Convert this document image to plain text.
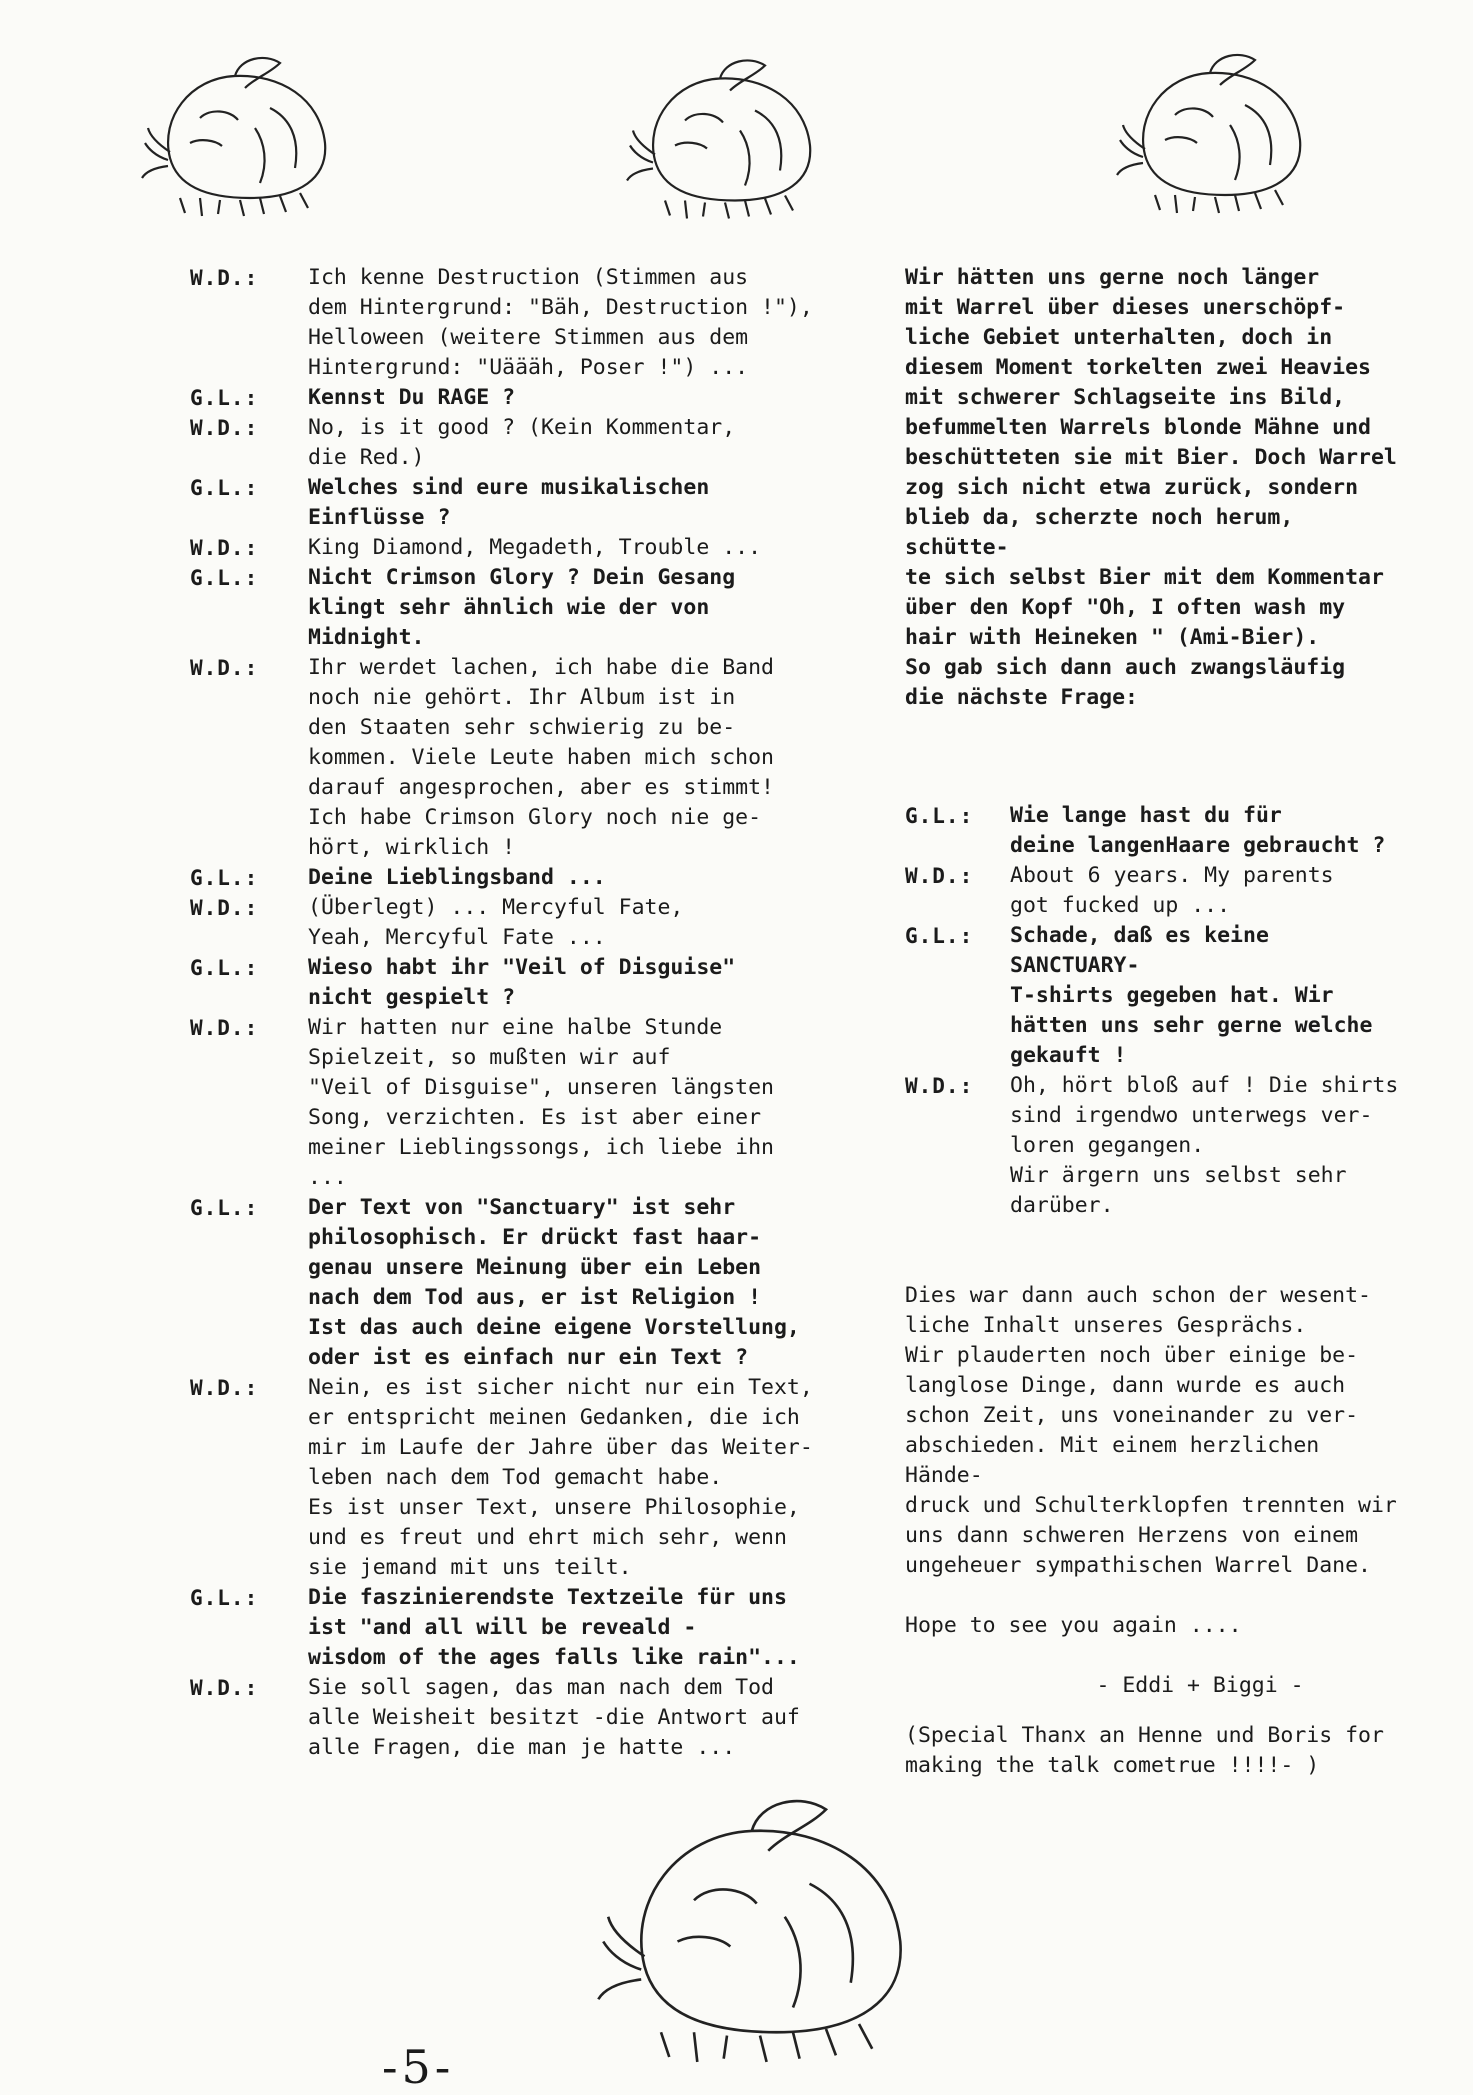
W.D.:	Ich kenne Destruction (Stimmen aus
dem Hintergrund: "Bäh, Destruction !"),
Helloween (weitere Stimmen aus dem
Hintergrund: "Uäääh, Poser !") ...
G.L.:	Kennst Du RAGE ?
W.D.:	No, is it good ? (Kein Kommentar,
die Red.)
G.L.:	Welches sind eure musikalischen
Einflüsse ?
W.D.:	King Diamond, Megadeth, Trouble ...
G.L.:	Nicht Crimson Glory ? Dein Gesang
klingt sehr ähnlich wie der von
Midnight.
W.D.:	Ihr werdet lachen, ich habe die Band
noch nie gehört. Ihr Album ist in
den Staaten sehr schwierig zu be-
kommen. Viele Leute haben mich schon
darauf angesprochen, aber es stimmt!
Ich habe Crimson Glory noch nie ge-
hört, wirklich !
G.L.:	Deine Lieblingsband ...
W.D.:	(Überlegt) ... Mercyful Fate,
Yeah, Mercyful Fate ...
G.L.:	Wieso habt ihr "Veil of Disguise"
nicht gespielt ?
W.D.:	Wir hatten nur eine halbe Stunde
Spielzeit, so mußten wir auf
"Veil of Disguise", unseren längsten
Song, verzichten. Es ist aber einer
meiner Lieblingssongs, ich liebe ihn ...
G.L.:	Der Text von "Sanctuary" ist sehr
philosophisch. Er drückt fast haar-
genau unsere Meinung über ein Leben
nach dem Tod aus, er ist Religion !
Ist das auch deine eigene Vorstellung,
oder ist es einfach nur ein Text ?
W.D.:	Nein, es ist sicher nicht nur ein Text,
er entspricht meinen Gedanken, die ich
mir im Laufe der Jahre über das Weiter-
leben nach dem Tod gemacht habe.
Es ist unser Text, unsere Philosophie,
und es freut und ehrt mich sehr, wenn
sie jemand mit uns teilt.
G.L.:	Die faszinierendste Textzeile für uns
ist "and all will be reveald -
wisdom of the ages falls like rain"...
W.D.:	Sie soll sagen, das man nach dem Tod
alle Weisheit besitzt -die Antwort auf
alle Fragen, die man je hatte ...
Wir hätten uns gerne noch länger
mit Warrel über dieses unerschöpf-
liche Gebiet unterhalten, doch in
diesem Moment torkelten zwei Heavies
mit schwerer Schlagseite ins Bild,
befummelten Warrels blonde Mähne und
beschütteten sie mit Bier. Doch Warrel
zog sich nicht etwa zurück, sondern
blieb da, scherzte noch herum, schütte-
te sich selbst Bier mit dem Kommentar
über den Kopf "Oh, I often wash my
hair with Heineken " (Ami-Bier).
So gab sich dann auch zwangsläufig
die nächste Frage:
G.L.:	Wie lange hast du für
deine langenHaare gebraucht ?
W.D.:	About 6 years. My parents
got fucked up ...
G.L.:	Schade, daß es keine SANCTUARY-
T-shirts gegeben hat. Wir
hätten uns sehr gerne welche
gekauft !
W.D.:	Oh, hört bloß auf ! Die shirts
sind irgendwo unterwegs ver-
loren gegangen.
Wir ärgern uns selbst sehr
darüber.
Dies war dann auch schon der wesent-
liche Inhalt unseres Gesprächs.
Wir plauderten noch über einige be-
langlose Dinge, dann wurde es auch
schon Zeit, uns voneinander zu ver-
abschieden. Mit einem herzlichen Hände-
druck und Schulterklopfen trennten wir
uns dann schweren Herzens von einem
ungeheuer sympathischen Warrel Dane.
Hope to see you again ....
- Eddi + Biggi -
(Special Thanx an Henne und Boris for
making the talk cometrue !!!!- )
-5-
